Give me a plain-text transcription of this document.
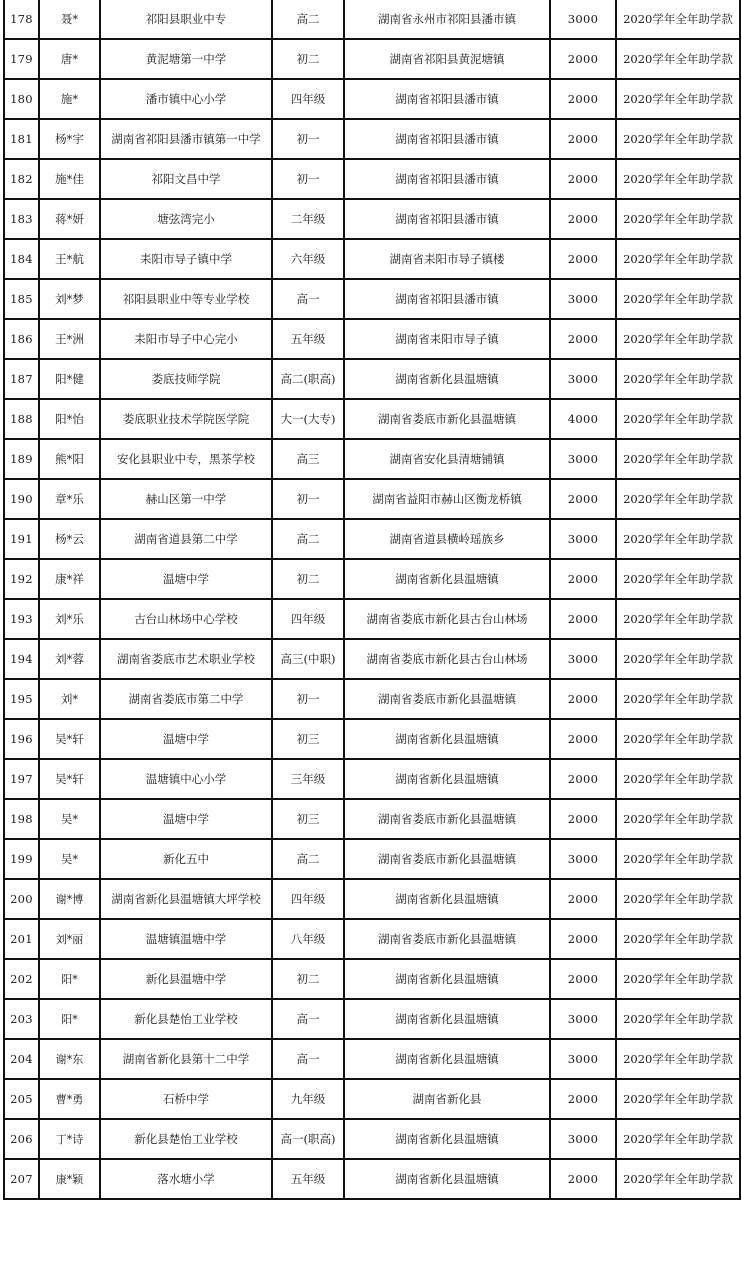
178	聂*	祁阳县职业中专	高二	湖南省永州市祁阳县潘市镇	3000	2020学年全年助学款
179	唐*	黄泥塘第一中学	初二	湖南省祁阳县黄泥塘镇	2000	2020学年全年助学款
180	施*	潘市镇中心小学	四年级	湖南省祁阳县潘市镇	2000	2020学年全年助学款
181	杨*宇	湖南省祁阳县潘市镇第一中学	初一	湖南省祁阳县潘市镇	2000	2020学年全年助学款
182	施*佳	祁阳文昌中学	初一	湖南省祁阳县潘市镇	2000	2020学年全年助学款
183	蒋*妍	塘弦湾完小	二年级	湖南省祁阳县潘市镇	2000	2020学年全年助学款
184	王*航	耒阳市导子镇中学	六年级	湖南省耒阳市导子镇楼	2000	2020学年全年助学款
185	刘*梦	祁阳县职业中等专业学校	高一	湖南省祁阳县潘市镇	3000	2020学年全年助学款
186	王*洲	耒阳市导子中心完小	五年级	湖南省耒阳市导子镇	2000	2020学年全年助学款
187	阳*健	娄底技师学院	高二(职高)	湖南省新化县温塘镇	3000	2020学年全年助学款
188	阳*怡	娄底职业技术学院医学院	大一(大专)	湖南省娄底市新化县温塘镇	4000	2020学年全年助学款
189	熊*阳	安化县职业中专，黑茶学校	高三	湖南省安化县清塘铺镇	3000	2020学年全年助学款
190	章*乐	赫山区第一中学	初一	湖南省益阳市赫山区衡龙桥镇	2000	2020学年全年助学款
191	杨*云	湖南省道县第二中学	高二	湖南省道县横岭瑶族乡	3000	2020学年全年助学款
192	康*祥	温塘中学	初二	湖南省新化县温塘镇	2000	2020学年全年助学款
193	刘*乐	古台山林场中心学校	四年级	湖南省娄底市新化县古台山林场	2000	2020学年全年助学款
194	刘*蓉	湖南省娄底市艺术职业学校	高三(中职)	湖南省娄底市新化县古台山林场	3000	2020学年全年助学款
195	刘*	湖南省娄底市第二中学	初一	湖南省娄底市新化县温塘镇	2000	2020学年全年助学款
196	吴*轩	温塘中学	初三	湖南省新化县温塘镇	2000	2020学年全年助学款
197	吴*轩	温塘镇中心小学	三年级	湖南省新化县温塘镇	2000	2020学年全年助学款
198	吴*	温塘中学	初三	湖南省娄底市新化县温塘镇	2000	2020学年全年助学款
199	吴*	新化五中	高二	湖南省娄底市新化县温塘镇	3000	2020学年全年助学款
200	谢*博	湖南省新化县温塘镇大坪学校	四年级	湖南省新化县温塘镇	2000	2020学年全年助学款
201	刘*丽	温塘镇温塘中学	八年级	湖南省娄底市新化县温塘镇	2000	2020学年全年助学款
202	阳*	新化县温塘中学	初二	湖南省新化县温塘镇	2000	2020学年全年助学款
203	阳*	新化县楚怡工业学校	高一	湖南省新化县温塘镇	3000	2020学年全年助学款
204	谢*东	湖南省新化县第十二中学	高一	湖南省新化县温塘镇	3000	2020学年全年助学款
205	曹*勇	石桥中学	九年级	湖南省新化县	2000	2020学年全年助学款
206	丁*诗	新化县楚怡工业学校	高一(职高)	湖南省新化县温塘镇	3000	2020学年全年助学款
207	康*颖	落水塘小学	五年级	湖南省新化县温塘镇	2000	2020学年全年助学款
